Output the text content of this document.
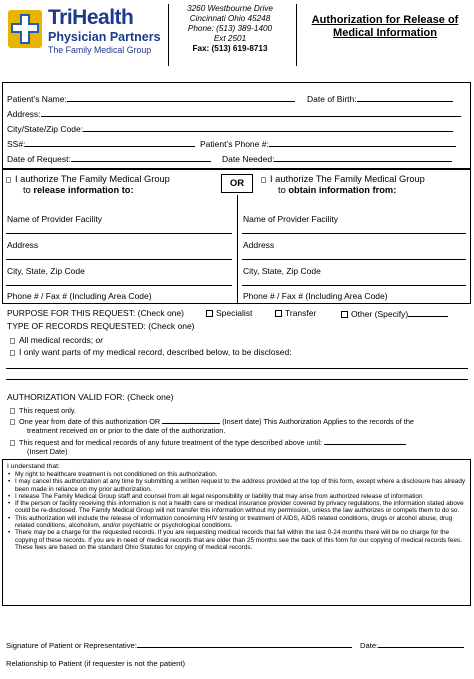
TriHealth
Physician Partners
The Family Medical Group
3260 Westbourne Drive
Cincinnati Ohio 45248
Phone: (513) 389-1400
Ext 2501
Fax: (513) 619-8713
Authorization for Release of Medical Information
Patient’s Name:	Date of Birth:
Address:
City/State/Zip Code:
SS#:	Patient’s Phone #:
Date of Request:	Date Needed:
OR
I authorize The Family Medical Group
to release information to:
I authorize The Family Medical Group
to obtain information from:
Name of Provider Facility
Address
City, State, Zip Code
Phone # / Fax # (Including Area Code)
Name of Provider Facility
Address
City, State, Zip Code
Phone # / Fax # (Including Area Code)
PURPOSE FOR THIS REQUEST: (Check one)	Specialist	Transfer	Other (Specify)
TYPE OF RECORDS REQUESTED: (Check one)
All medical records; or
I only want parts of my medical record, described below, to be disclosed:
AUTHORIZATION VALID FOR: (Check one)
This request only.
One year from date of this authorization OR	(Insert date) This Authorization Applies to the records of the
treatment received on or prior to the date of the authorization.
This request and for medical records of any future treatment of the type described above until:
(Insert Date)
I understand that:
• My right to healthcare treatment is not conditioned on this authorization.
• I may cancel this authorization at any time by submitting a written request to the address provided at the top of this form, except where a disclosure has already been made in reliance on my prior authorization.
• I release The Family Medical Group staff and counsel from all legal responsibility or liability that may arise from authorized release of information
• If the person or facility receiving this information is not a health care or medical insurance provider covered by privacy regulations, the information stated above could be re-disclosed. The Family Medical Group will not transfer this information without my permission, unless the law authorizes or compels them to do so.
• This authorization will include the release of information concerning HIV testing or treatment of AIDS, AIDS related conditions, drugs or alcohol abuse, drug related conditions, alcoholism, and/or psychiatric or psychological conditions.
• There may be a charge for the requested records. If you are requesting medical records that fall within the last 0-24 months there will be no charge for the copying of these records. If you are in need of medical records that are older than 25 months see the back of this form for our copying of medical records fees. These fees are based on the standard Ohio Statutes for copying of medical records.
Signature of Patient or Representative:	Date:
Relationship to Patient (if requester is not the patient)
